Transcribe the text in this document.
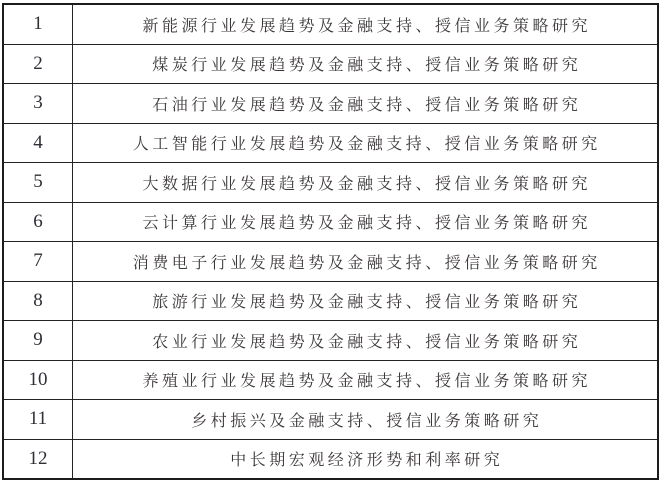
1	新能源行业发展趋势及金融支持、授信业务策略研究
2	煤炭行业发展趋势及金融支持、授信业务策略研究
3	石油行业发展趋势及金融支持、授信业务策略研究
4	人工智能行业发展趋势及金融支持、授信业务策略研究
5	大数据行业发展趋势及金融支持、授信业务策略研究
6	云计算行业发展趋势及金融支持、授信业务策略研究
7	消费电子行业发展趋势及金融支持、授信业务策略研究
8	旅游行业发展趋势及金融支持、授信业务策略研究
9	农业行业发展趋势及金融支持、授信业务策略研究
10	养殖业行业发展趋势及金融支持、授信业务策略研究
11	乡村振兴及金融支持、授信业务策略研究
12	中长期宏观经济形势和利率研究
